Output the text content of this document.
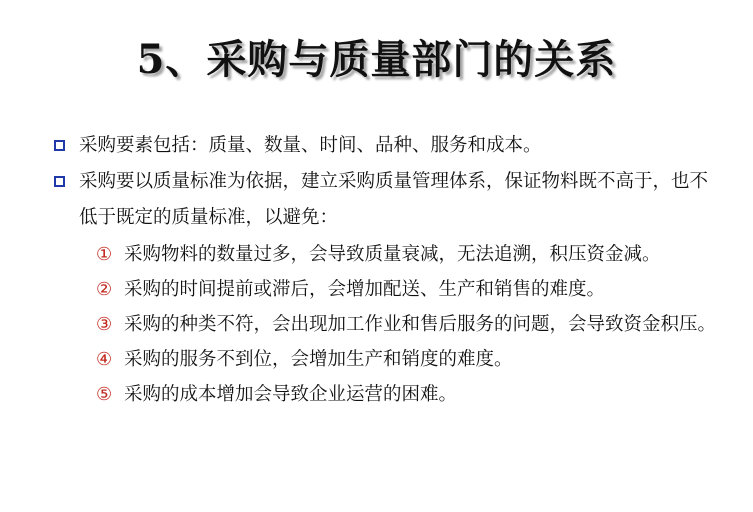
5、采购与质量部门的关系
采购要素包括：质量、数量、时间、品种、服务和成本。
采购要以质量标准为依据，建立采购质量管理体系，保证物料既不高于，也不低于既定的质量标准，以避免：
① 采购物料的数量过多，会导致质量衰减，无法追溯，积压资金减。
② 采购的时间提前或滞后，会增加配送、生产和销售的难度。
③ 采购的种类不符，会出现加工作业和售后服务的问题，会导致资金积压。
④ 采购的服务不到位，会增加生产和销度的难度。
⑤ 采购的成本增加会导致企业运营的困难。
